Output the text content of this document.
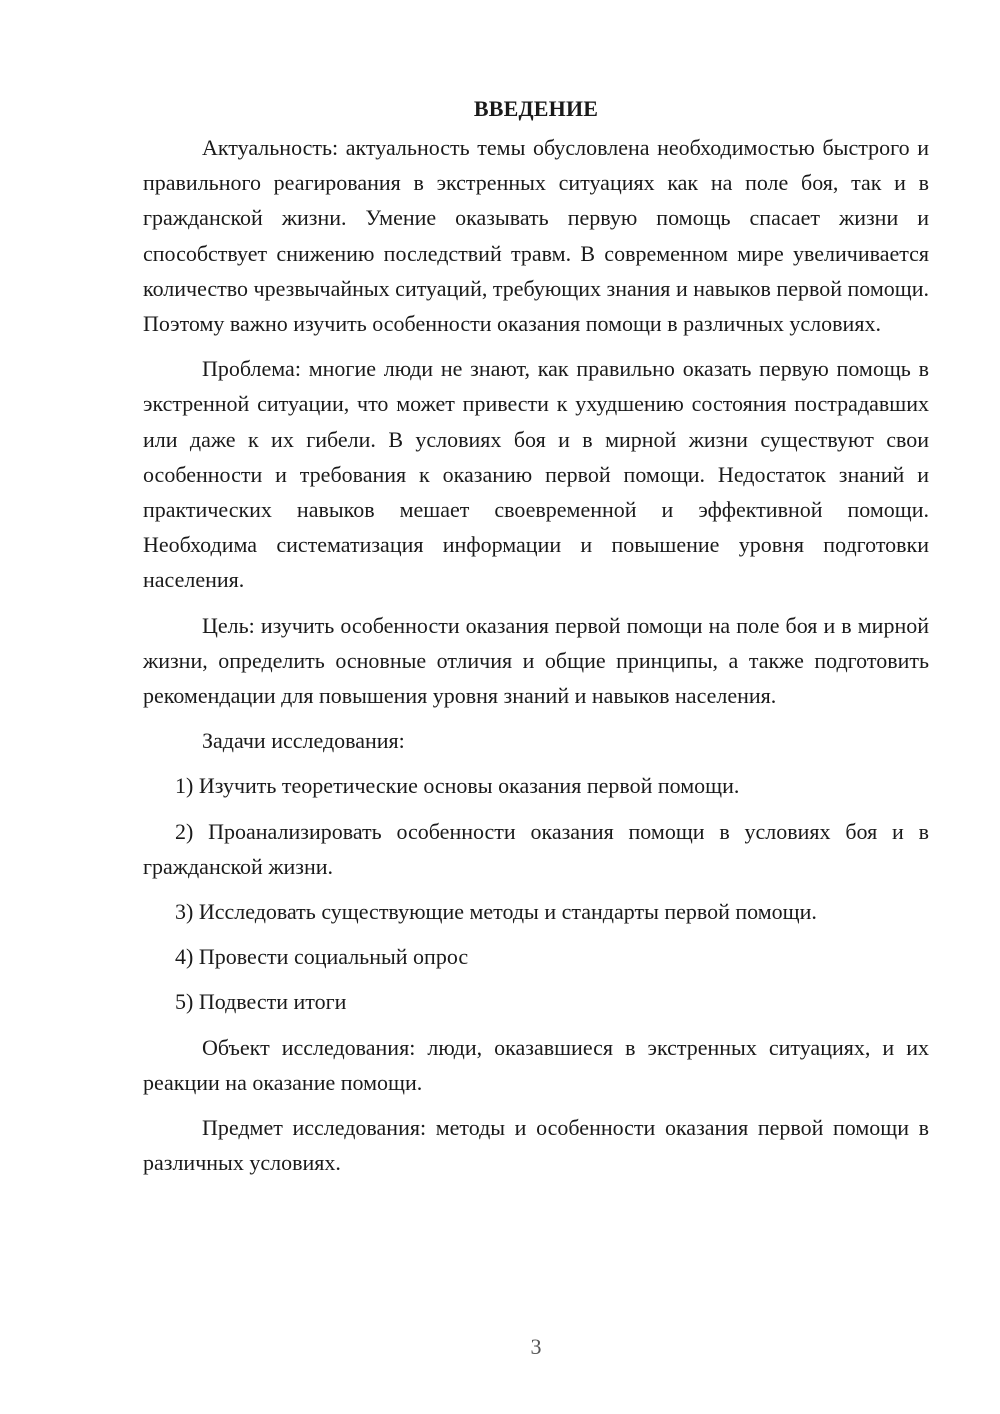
ВВЕДЕНИЕ

Актуальность: актуальность темы обусловлена необходимостью быстрого и правильного реагирования в экстренных ситуациях как на поле боя, так и в гражданской жизни. Умение оказывать первую помощь спасает жизни и способствует снижению последствий травм. В современном мире увеличивается количество чрезвычайных ситуаций, требующих знания и навыков первой помощи. Поэтому важно изучить особенности оказания помощи в различных условиях.

Проблема: многие люди не знают, как правильно оказать первую помощь в экстренной ситуации, что может привести к ухудшению состояния пострадавших или даже к их гибели. В условиях боя и в мирной жизни существуют свои особенности и требования к оказанию первой помощи. Недостаток знаний и практических навыков мешает своевременной и эффективной помощи. Необходима систематизация информации и повышение уровня подготовки населения.

Цель: изучить особенности оказания первой помощи на поле боя и в мирной жизни, определить основные отличия и общие принципы, а также подготовить рекомендации для повышения уровня знаний и навыков населения.

Задачи исследования:

1) Изучить теоретические основы оказания первой помощи.

2) Проанализировать особенности оказания помощи в условиях боя и в гражданской жизни.

3) Исследовать существующие методы и стандарты первой помощи.

4) Провести социальный опрос

5) Подвести итоги

Объект исследования: люди, оказавшиеся в экстренных ситуациях, и их реакции на оказание помощи.

Предмет исследования: методы и особенности оказания первой помощи в различных условиях.

3
